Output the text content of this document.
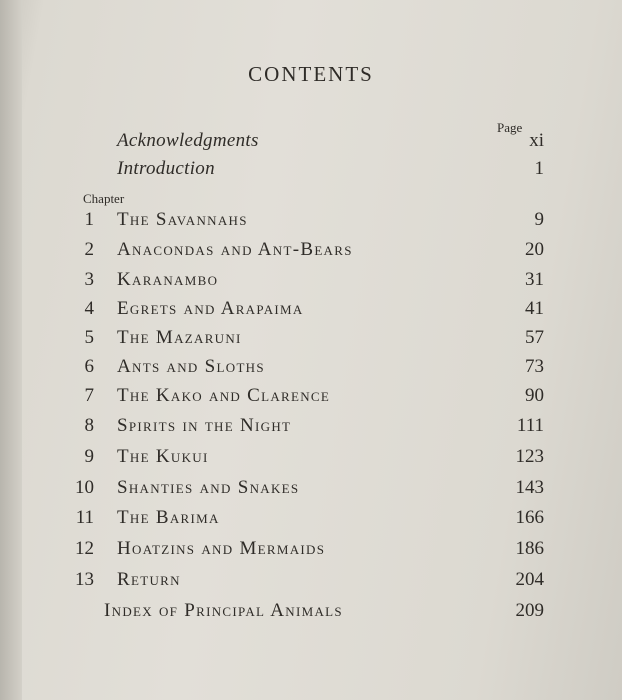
CONTENTS
Page
Acknowledgments	xi
Introduction	1
Chapter
1 The Savannahs	9
2 Anacondas and Ant-Bears	20
3 Karanambo	31
4 Egrets and Arapaima	41
5 The Mazaruni	57
6 Ants and Sloths	73
7 The Kako and Clarence	90
8 Spirits in the Night	111
9 The Kukui	123
10 Shanties and Snakes	143
11 The Barima	166
12 Hoatzins and Mermaids	186
13 Return	204
Index of Principal Animals	209
